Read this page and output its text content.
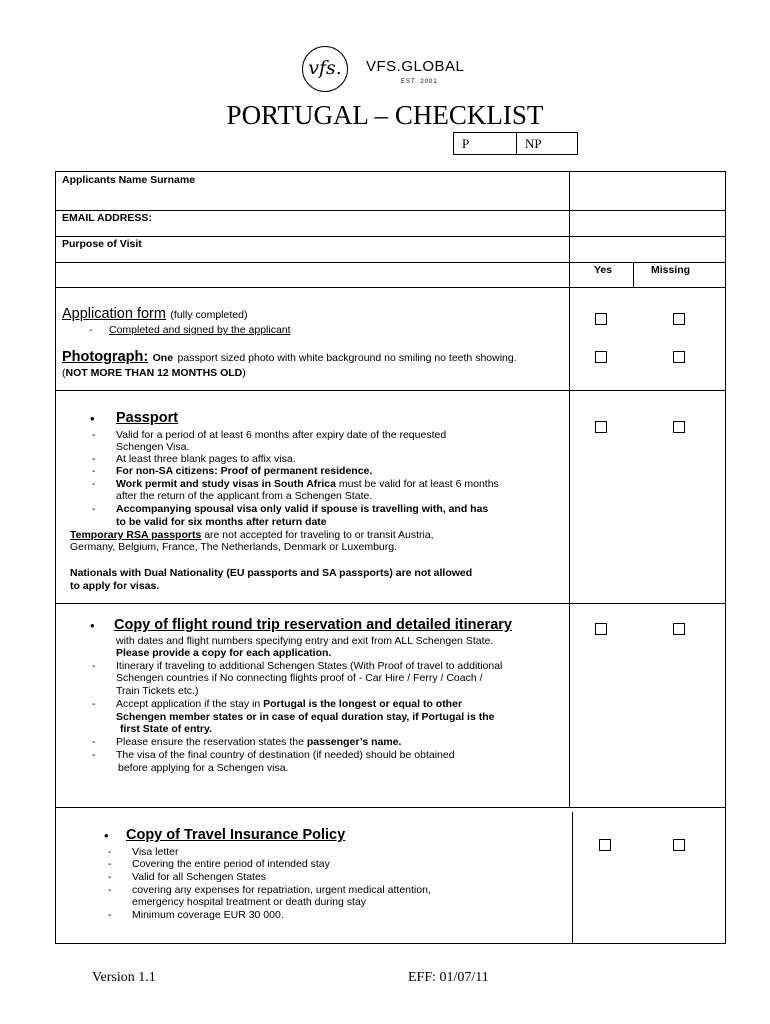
vfs.	VFS.GLOBAL
EST. 2001
PORTUGAL – CHECKLIST
P	NP
Applicants Name Surname
EMAIL ADDRESS:
Purpose of Visit
Yes	Missing
Application form (fully completed)
- Completed and signed by the applicant
Photograph: One passport sized photo with white background no smiling no teeth showing.
(NOT MORE THAN 12 MONTHS OLD)
• Passport
- Valid for a period of at least 6 months after expiry date of the requested
Schengen Visa.
- At least three blank pages to affix visa.
- For non-SA citizens: Proof of permanent residence.
- Work permit and study visas in South Africa must be valid for at least 6 months
after the return of the applicant from a Schengen State.
- Accompanying spousal visa only valid if spouse is travelling with, and has
to be valid for six months after return date
Temporary RSA passports are not accepted for traveling to or transit Austria,
Germany, Belgium, France, The Netherlands, Denmark or Luxemburg.
Nationals with Dual Nationality (EU passports and SA passports) are not allowed
to apply for visas.
• Copy of flight round trip reservation and detailed itinerary
with dates and flight numbers specifying entry and exit from ALL Schengen State.
Please provide a copy for each application.
- Itinerary if traveling to additional Schengen States (With Proof of travel to additional
Schengen countries if No connecting flights proof of - Car Hire / Ferry / Coach /
Train Tickets etc.)
- Accept application if the stay in Portugal is the longest or equal to other
Schengen member states or in case of equal duration stay, if Portugal is the
first State of entry.
- Please ensure the reservation states the passenger’s name.
- The visa of the final country of destination (if needed) should be obtained
before applying for a Schengen visa.
• Copy of Travel Insurance Policy
- Visa letter
- Covering the entire period of intended stay
- Valid for all Schengen States
- covering any expenses for repatriation, urgent medical attention,
emergency hospital treatment or death during stay
- Minimum coverage EUR 30 000.
Version 1.1	EFF: 01/07/11
